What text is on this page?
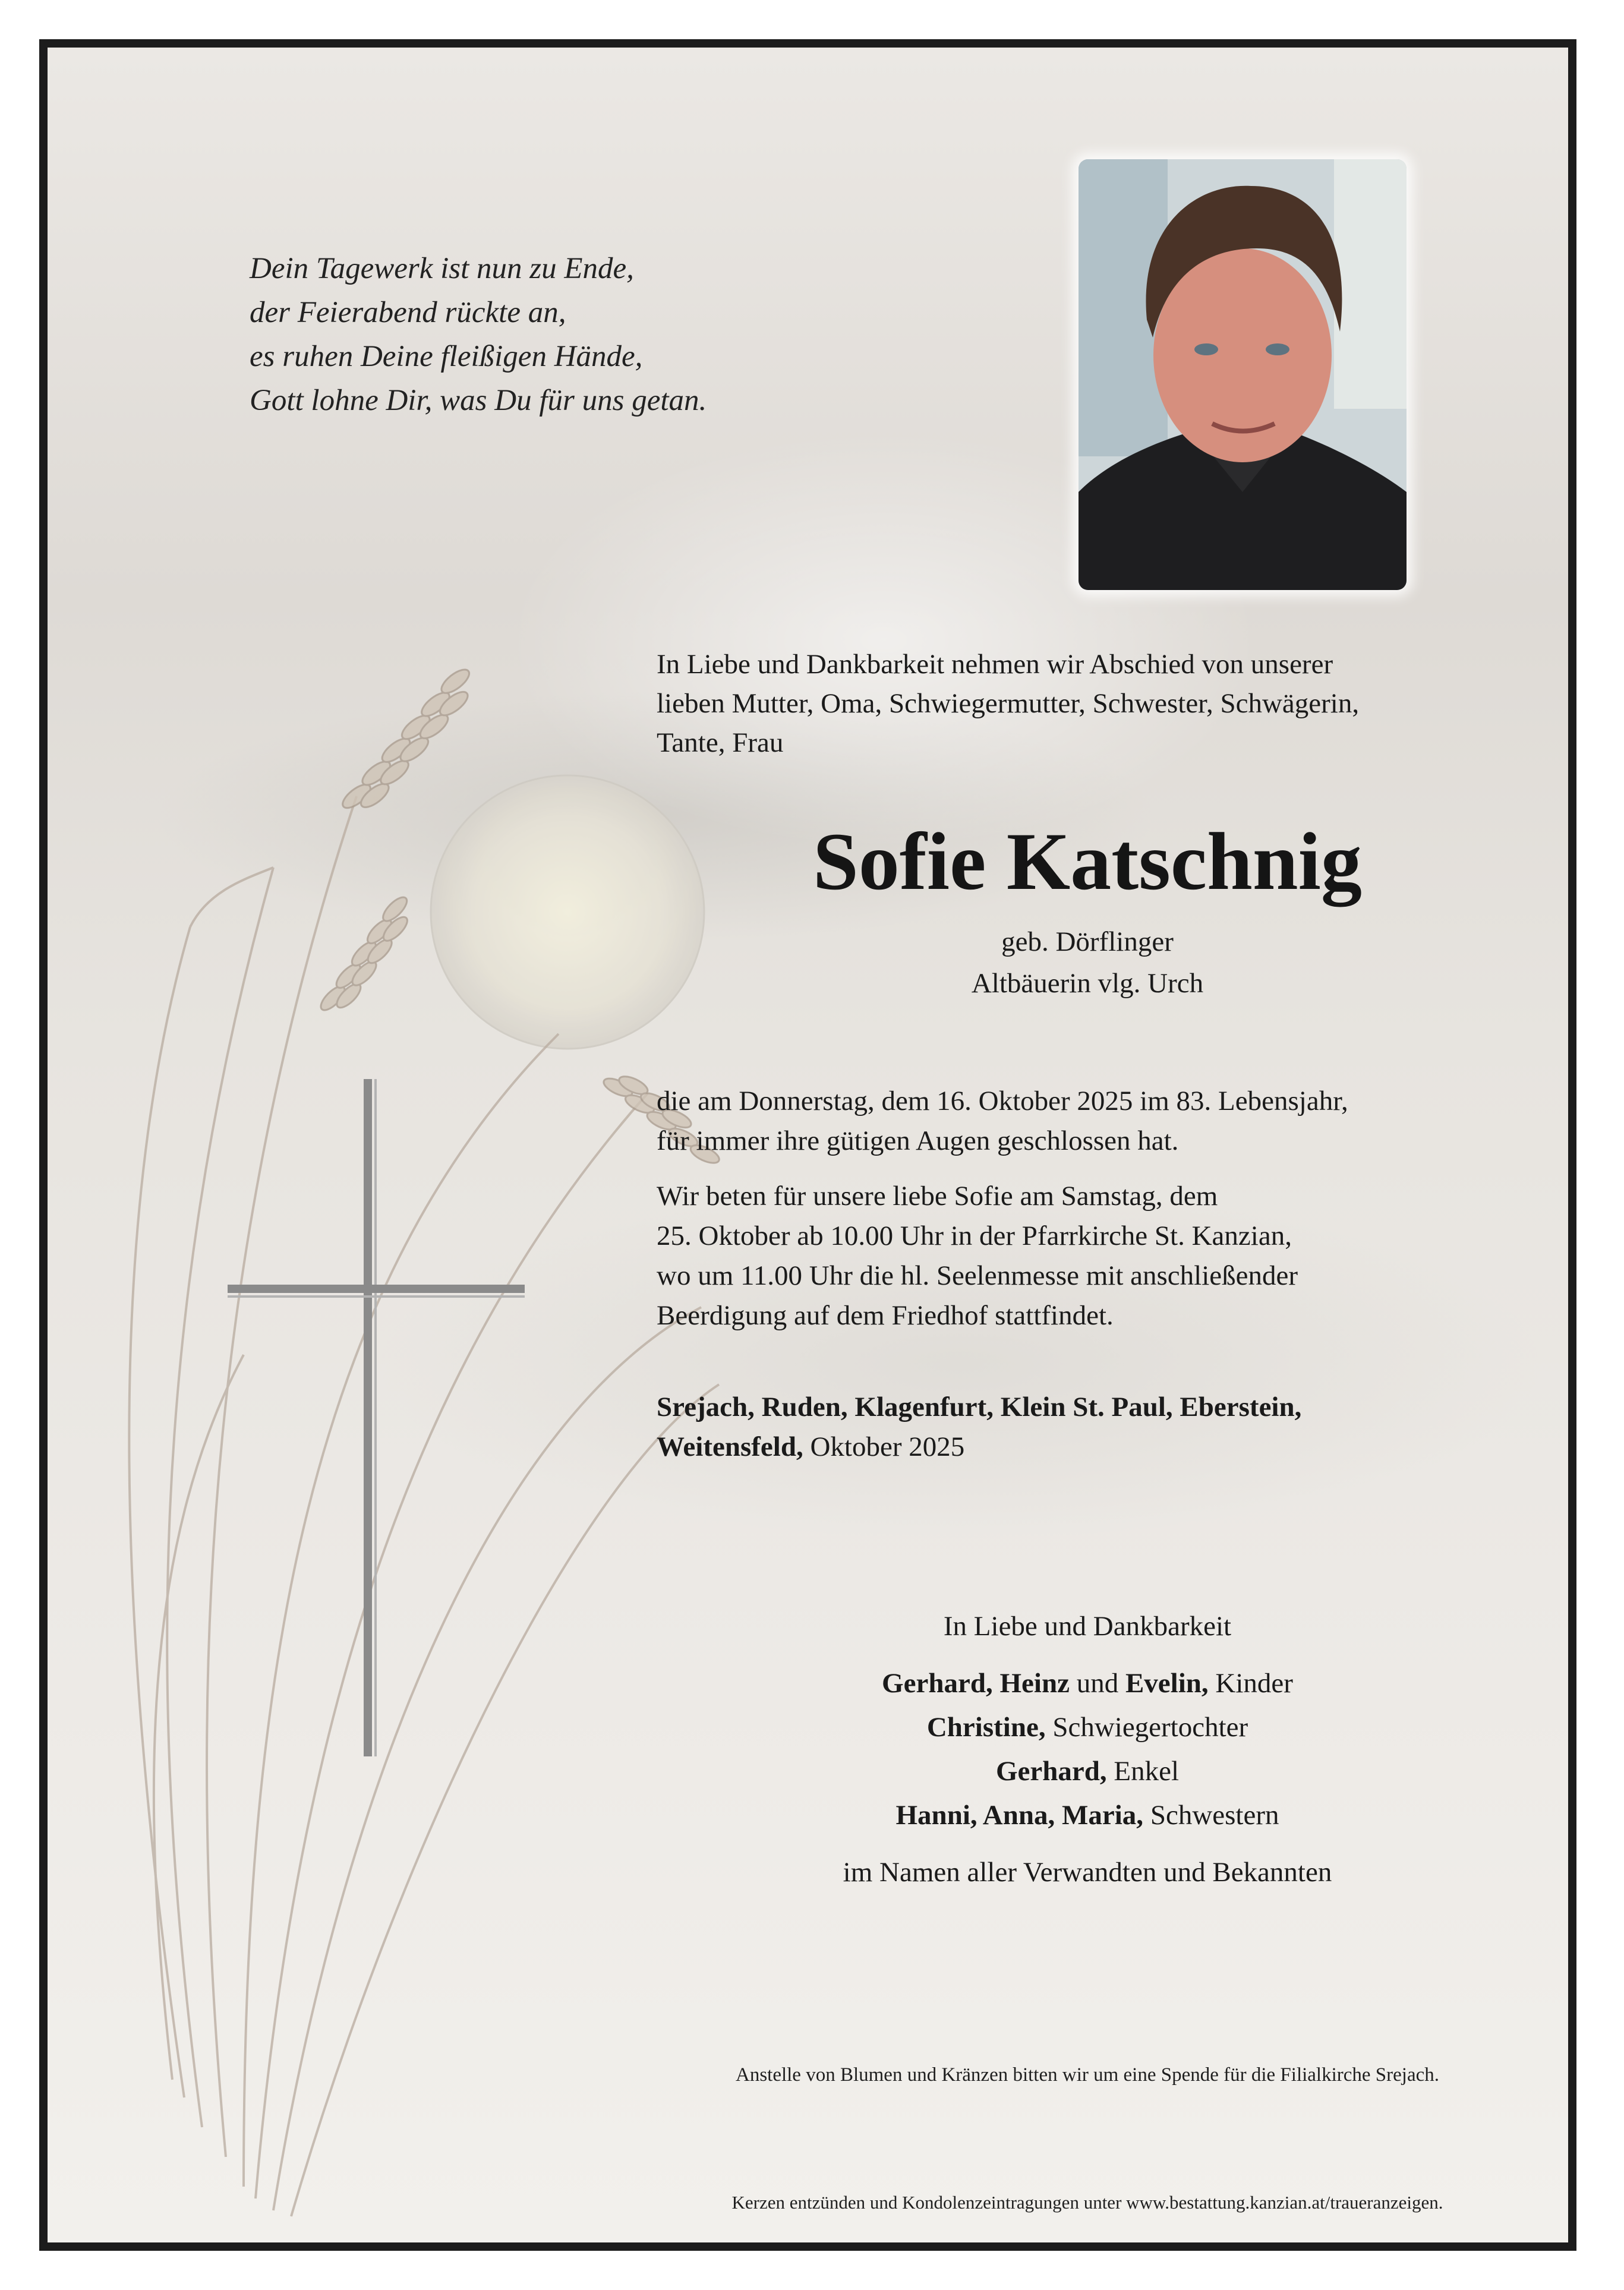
Dein Tagewerk ist nun zu Ende,
der Feierabend rückte an,
es ruhen Deine fleißigen Hände,
Gott lohne Dir, was Du für uns getan.
In Liebe und Dankbarkeit nehmen wir Abschied von unserer
lieben Mutter, Oma, Schwiegermutter, Schwester, Schwägerin,
Tante, Frau
Sofie Katschnig
geb. Dörflinger
Altbäuerin vlg. Urch
die am Donnerstag, dem 16. Oktober 2025 im 83. Lebensjahr,
für immer ihre gütigen Augen geschlossen hat.
Wir beten für unsere liebe Sofie am Samstag, dem
25. Oktober ab 10.00 Uhr in der Pfarrkirche St. Kanzian,
wo um 11.00 Uhr die hl. Seelenmesse mit anschließender
Beerdigung auf dem Friedhof stattfindet.
Srejach, Ruden, Klagenfurt, Klein St. Paul, Eberstein,
Weitensfeld, Oktober 2025
In Liebe und Dankbarkeit
Gerhard, Heinz und Evelin, Kinder
Christine, Schwiegertochter
Gerhard, Enkel
Hanni, Anna, Maria, Schwestern
im Namen aller Verwandten und Bekannten
Anstelle von Blumen und Kränzen bitten wir um eine Spende für die Filialkirche Srejach.
Kerzen entzünden und Kondolenzeintragungen unter www.bestattung.kanzian.at/traueranzeigen.
